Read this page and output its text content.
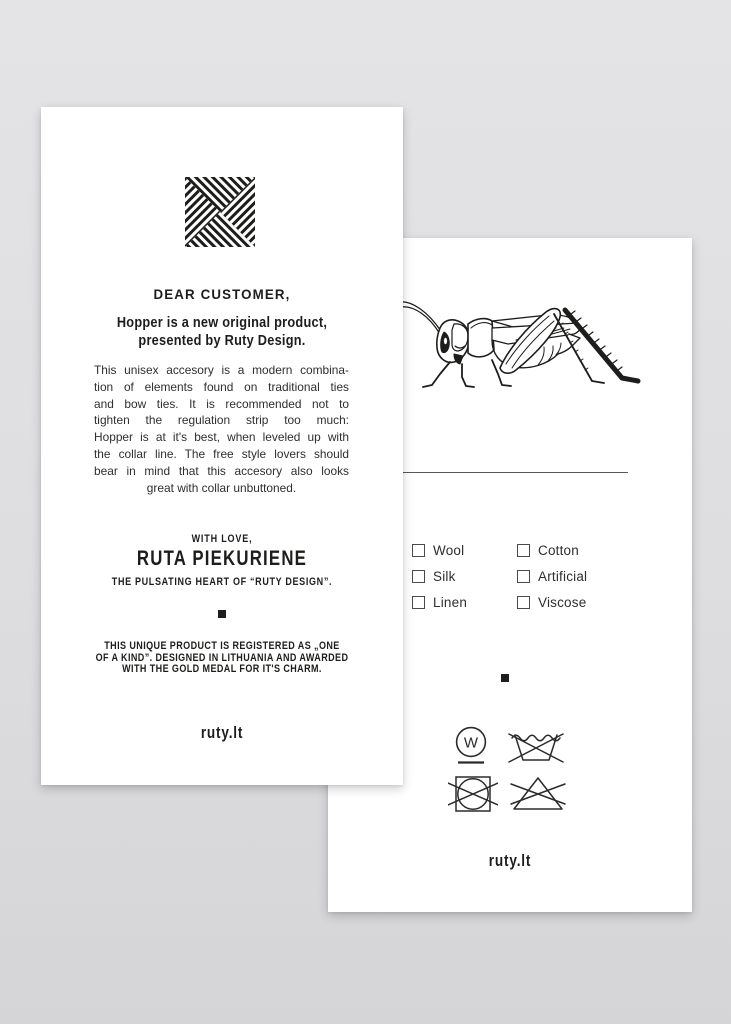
Wool
Silk
Linen
Cotton
Artificial
Viscose
W
ruty.lt
DEAR CUSTOMER,
Hopper is a new original product,
presented by Ruty Design.
This unisex accesory is a modern combina-
tion of elements found on traditional ties
and bow ties. It is recommended not to
tighten the regulation strip too much:
Hopper is at it's best, when leveled up with
the collar line. The free style lovers should
bear in mind that this accesory also looks
great with collar unbuttoned.
WITH LOVE,
RUTA PIEKURIENE
THE PULSATING HEART OF “RUTY DESIGN”.
THIS UNIQUE PRODUCT IS REGISTERED AS „ONE
OF A KIND”. DESIGNED IN LITHUANIA AND AWARDED
WITH THE GOLD MEDAL FOR IT'S CHARM.
ruty.lt
